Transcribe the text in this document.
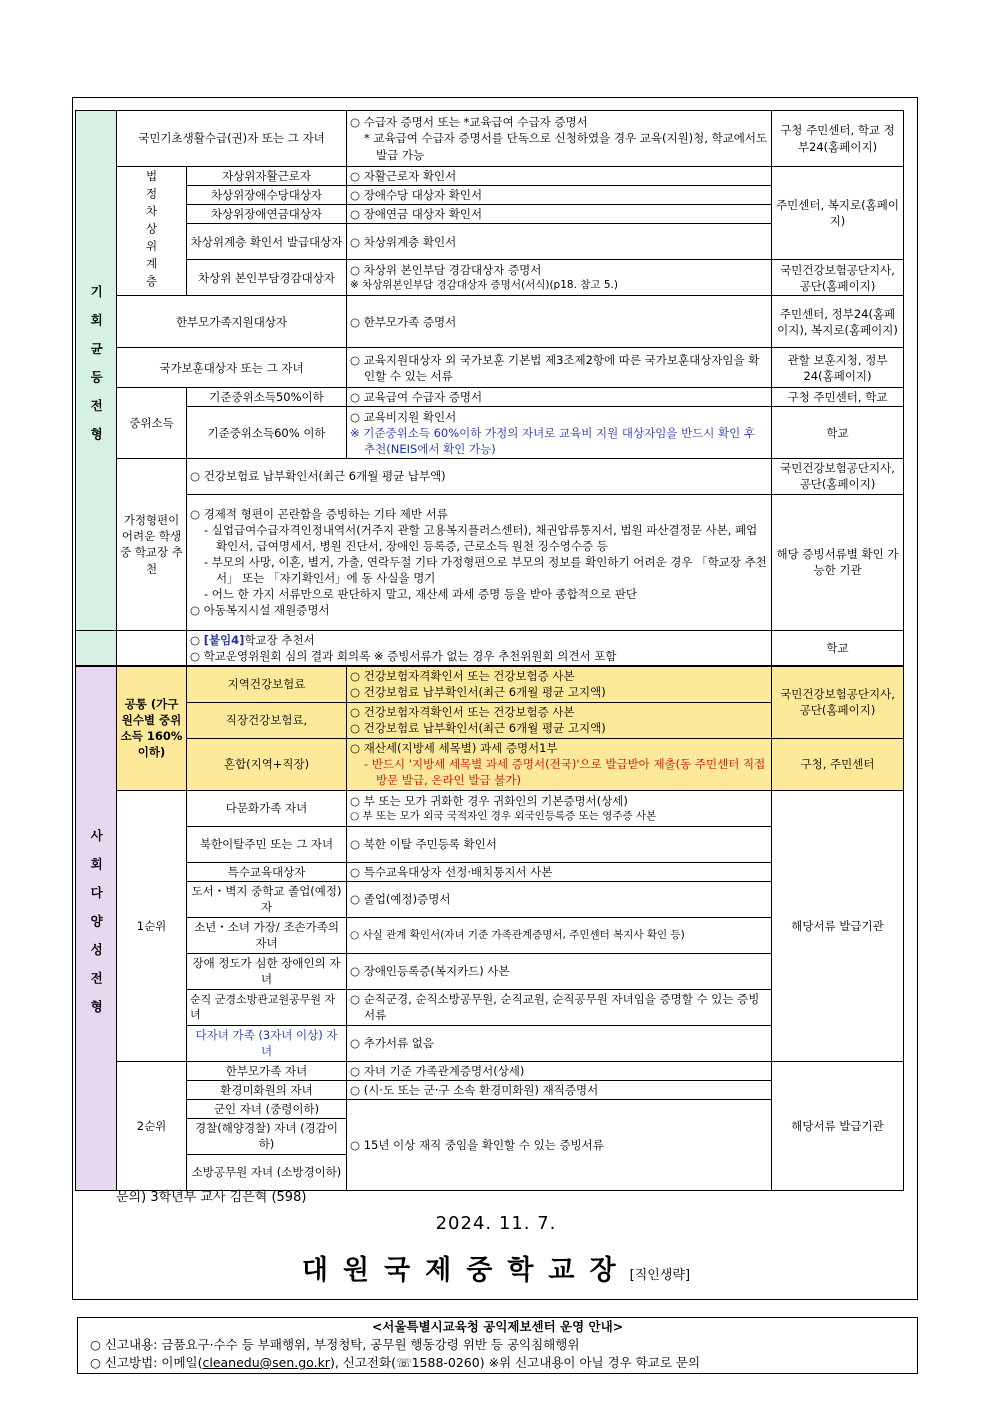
기회균등전형	국민기초생활수급(권)자 또는 그 자녀		○ 수급자 증명서 또는 *교육급여 수급자 증명서
* 교육급여 수급자 증명서를 단독으로 신청하였을 경우 교육(지원)청, 학교에서도 발급 가능	구청 주민센터, 학교 정부24(홈페이지)
	법정차상위계층	자상위자활근로자	○ 자활근로자 확인서	주민센터, 복지로(홈페이지)
		차상위장애수당대상자	○ 장애수당 대상자 확인서	
		차상위장애연금대상자	○ 장애연금 대상자 확인서	
		차상위계층 확인서 발급대상자	○ 차상위계층 확인서	
		차상위 본인부담경감대상자	○ 차상위 본인부담 경감대상자 증명서
※ 차상위본인부담 경감대상자 증명서(서식)(p18. 참고 5.)	국민건강보험공단지사, 공단(홈페이지)
	한부모가족지원대상자		○ 한부모가족 증명서	주민센터, 정부24(홈페이지), 복지로(홈페이지)
	국가보훈대상자 또는 그 자녀		○ 교육지원대상자 외 국가보훈 기본법 제3조제2항에 따른 국가보훈대상자임을 확인할 수 있는 서류	관할 보훈지청, 정부24(홈페이지)
	중위소득	기준중위소득50%이하	○ 교육급여 수급자 증명서	구청 주민센터, 학교
		기준중위소득60% 이하	○ 교육비지원 확인서
※ 기준중위소득 60%이하 가정의 자녀로 교육비 지원 대상자임을 반드시 확인 후 추천(NEIS에서 확인 가능)	학교
	가정형편이 어려운 학생 중 학교장 추천	○ 건강보험료 납부확인서(최근 6개월 평균 납부액)		국민건강보험공단지사, 공단(홈페이지)

		○ 경제적 형편이 곤란함을 증빙하는 기타 제반 서류
- 실업급여수급자격인정내역서(거주지 관할 고용복지플러스센터), 채권압류통지서, 법원 파산결정문 사본, 폐업확인서, 급여명세서, 병원 진단서, 장애인 등록증, 근로소득 원천 징수영수증 등
- 부모의 사망, 이혼, 별거, 가출, 연락두절 기타 가정형편으로 부모의 정보를 확인하기 어려운 경우 「학교장 추천서」 또는 「자기확인서」에 동 사실을 명기
- 어느 한 가지 서류만으로 판단하지 말고, 재산세 과세 증명 등을 받아 종합적으로 판단
○ 아동복지시설 재원증명서		해당 증빙서류별 확인 가능한 기관

		○ [붙임4]학교장 추천서
○ 학교운영위원회 심의 결과 회의록 ※ 증빙서류가 없는 경우 추천위원회 의견서 포함		학교
사회다양성전형	공통 (가구원수별 중위소득 160% 이하)	지역건강보험료	○ 건강보험자격확인서 또는 건강보험증 사본
○ 건강보험료 납부확인서(최근 6개월 평균 고지액)	국민건강보험공단지사, 공단(홈페이지)
		직장건강보험료,	○ 건강보험자격확인서 또는 건강보험증 사본
○ 건강보험료 납부확인서(최근 6개월 평균 고지액)	

		혼합(지역+직장)	○ 재산세(지방세 세목별) 과세 증명서1부
- 반드시 '지방세 세목별 과세 증명서(전국)'으로 발급받아 제출(동 주민센터 직접 방문 발급, 온라인 발급 불가)	구청, 주민센터
	1순위	다문화가족 자녀	○ 부 또는 모가 귀화한 경우 귀화인의 기본증명서(상세)
○ 부 또는 모가 외국 국적자인 경우 외국인등록증 또는 영주증 사본	해당서류 발급기관
		북한이탈주민 또는 그 자녀	○ 북한 이탈 주민등록 확인서	
		특수교육대상자	○ 특수교육대상자 선정·배치통지서 사본	
		도서・벽지 중학교 졸업(예정)자	○ 졸업(예정)증명서	
		소년・소녀 가장/ 조손가족의 자녀	○ 사실 관계 확인서(자녀 기준 가족관계증명서, 주민센터 복지사 확인 등)	
		장애 정도가 심한 장애인의 자녀	○ 장애인등록증(복지카드) 사본	
		순직 군경소방관교원공무원 자녀	○ 순직군경, 순직소방공무원, 순직교원, 순직공무원 자녀임을 증명할 수 있는 증빙서류	

		다자녀 가족 (3자녀 이상) 자녀	○ 추가서류 없음	
	2순위	한부모가족 자녀	○ 자녀 기준 가족관계증명서(상세)	해당서류 발급기관
		환경미화원의 자녀	○ (시·도 또는 군·구 소속 환경미화원) 재직증명서	
		군인 자녀 (중령이하)	○ 15년 이상 재직 중임을 확인할 수 있는 증빙서류	
		경찰(해양경찰) 자녀 (경감이하)		
		소방공무원 자녀 (소방경이하)		
문의) 3학년부 교사 김은혁 (598)
2024. 11. 7.
대원국제중학교장 [직인생략]
<서울특별시교육청 공익제보센터 운영 안내>
○ 신고내용: 금품요구·수수 등 부패행위, 부정청탁, 공무원 행동강령 위반 등 공익침해행위
○ 신고방법: 이메일(cleanedu@sen.go.kr), 신고전화(☏1588-0260) ※위 신고내용이 아닐 경우 학교로 문의
